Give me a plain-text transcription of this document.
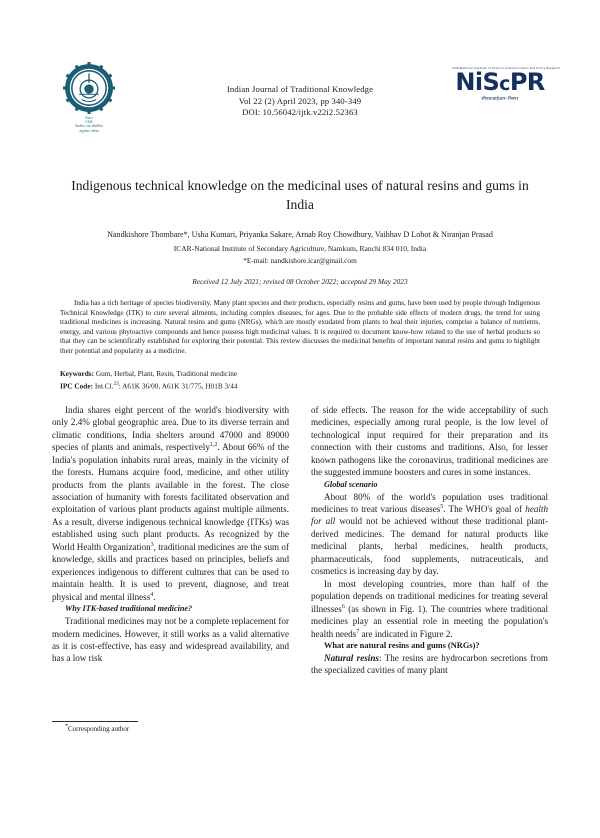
विज्ञान
CSIR
वैज्ञानिक तथा औद्योगिक
अनुसंधान परिषद
Indian Journal of Traditional Knowledge
Vol 22 (2) April 2023, pp 340-349
DOI: 10.56042/ijtk.v22i2.52363
CSIR-National Institute of Science Communication and Policy Research
NiScPR
सीएसआईआर–निस्पर
Indigenous technical knowledge on the medicinal uses of natural resins and gums in India
Nandkishore Thombare*, Usha Kumari, Priyanka Sakare, Arnab Roy Chowdhury, Vaibhav D Lohot & Niranjan Prasad
ICAR-National Institute of Secondary Agriculture, Namkum, Ranchi 834 010, India
*E-mail: nandkishore.icar@gmail.com
Received 12 July 2021; revised 08 October 2022; accepted 29 May 2023
India has a rich heritage of species biodiversity. Many plant species and their products, especially resins and gums, have been used by people through Indigenous Technical Knowledge (ITK) to cure several ailments, including complex diseases, for ages. Due to the probable side effects of modern drugs, the trend for using traditional medicines is increasing. Natural resins and gums (NRGs), which are mostly exudated from plants to heal their injuries, comprise a balance of nutrients, energy, and various phytoactive compounds and hence possess high medicinal values. It is required to document know-how related to the use of herbal products so that they can be scientifically established for exploring their potential. This review discusses the medicinal benefits of important natural resins and gums to highlight their potential and popularity as a medicine.
Keywords: Gum, Herbal, Plant, Resin, Traditional medicine
IPC Code: Int.Cl.$^{23}$: A61K 36/00, A61K 31/775, H01B 3/44

India shares eight percent of the world's biodiversity with only 2.4% global geographic area. Due to its diverse terrain and climatic conditions, India shelters around 47000 and 89000 species of plants and animals, respectively$^{1,2}$. About 66% of the India's population inhabits rural areas, mainly in the vicinity of the forests. Humans acquire food, medicine, and other utility products from the plants available in the forest. The close association of humanity with forests facilitated observation and exploitation of various plant products against multiple ailments. As a result, diverse indigenous technical knowledge (ITKs) was established using such plant products. As recognized by the World Health Organization$^3$, traditional medicines are the sum of knowledge, skills and practices based on principles, beliefs and experiences indigenous to different cultures that can be used to maintain health. It is used to prevent, diagnose, and treat physical and mental illness$^4$.

Why ITK-based traditional medicine?

Traditional medicines may not be a complete replacement for modern medicines. However, it still works as a valid alternative as it is cost-effective, has easy and widespread availability, and has a low risk

*Corresponding author

of side effects. The reason for the wide acceptability of such medicines, especially among rural people, is the low level of technological input required for their preparation and its connection with their customs and traditions. Also, for lesser known pathogens like the coronavirus, traditional medicines are the suggested immune boosters and cures in some instances.

Global scenario

About 80% of the world's population uses traditional medicines to treat various diseases$^5$. The WHO's goal of health for all would not be achieved without these traditional plant-derived medicines. The demand for natural products like medicinal plants, herbal medicines, health products, pharmaceuticals, food supplements, nutraceuticals, and cosmetics is increasing day by day.

In most developing countries, more than half of the population depends on traditional medicines for treating several illnesses$^6$ (as shown in Fig. 1). The countries where traditional medicines play an essential role in meeting the population's health needs$^7$ are indicated in Figure 2.

What are natural resins and gums (NRGs)?

Natural resins: The resins are hydrocarbon secretions from the specialized cavities of many plant
